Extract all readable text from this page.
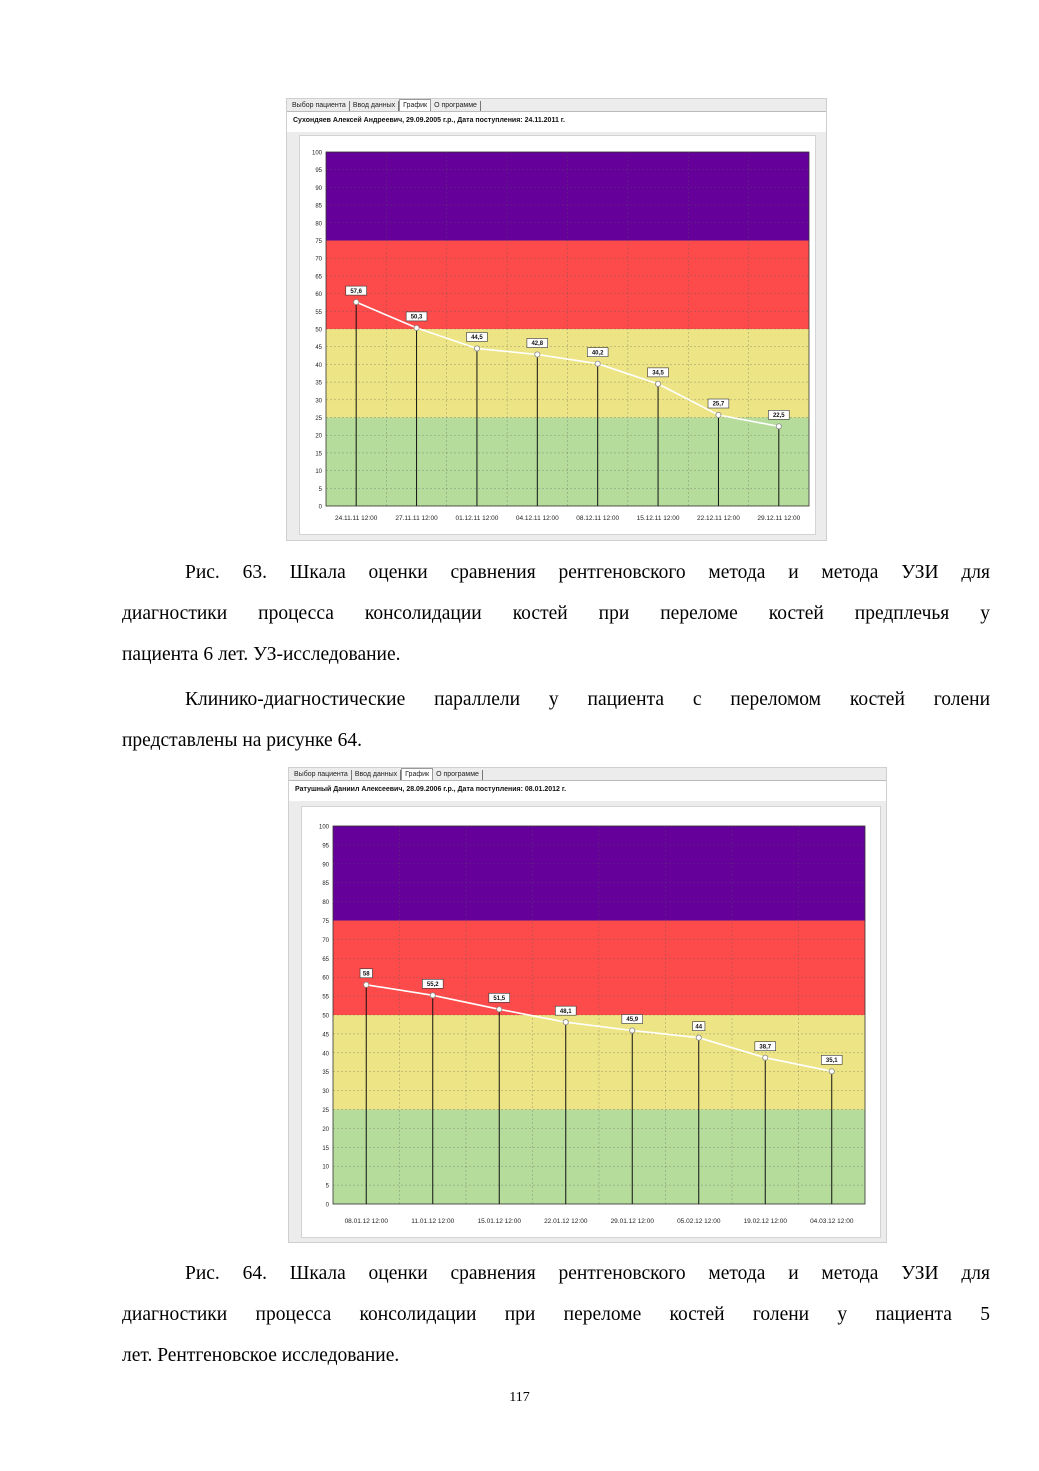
Выбор пациента	Ввод данных	График	О программе
Сухондяев Алексей Андреевич, 29.09.2005 г.р., Дата поступления: 24.11.2011 г.
0
5
10
15
20
25
30
35
40
45
50
55
60
65
70
75
80
85
90
95
100
57,6
50,3
44,5
42,8
40,2
34,5
25,7
22,5
24.11.11 12:00	27.11.11 12:00	01.12.11 12:00	04.12.11 12:00	08.12.11 12:00	15.12.11 12:00	22.12.11 12:00	29.12.11 12:00
Рис. 63. Шкала оценки сравнения рентгеновского метода и метода УЗИ для
диагностики процесса консолидации костей при переломе костей предплечья у
пациента 6 лет. УЗ-исследование.
Клинико-диагностические параллели у пациента с переломом костей голени
представлены на рисунке 64.
Выбор пациента	Ввод данных	График	О программе
Ратушный Даниил Алексеевич, 28.09.2006 г.р., Дата поступления: 08.01.2012 г.
0
5
10
15
20
25
30
35
40
45
50
55
60
65
70
75
80
85
90
95
100
58
55,2
51,5
48,1
45,9
44
38,7
35,1
08.01.12 12:00	11.01.12 12:00	15.01.12 12:00	22.01.12 12:00	29.01.12 12:00	05.02.12 12:00	19.02.12 12:00	04.03.12 12:00
Рис. 64. Шкала оценки сравнения рентгеновского метода и метода УЗИ для
диагностики процесса консолидации при переломе костей голени у пациента 5
лет. Рентгеновское исследование.
117
